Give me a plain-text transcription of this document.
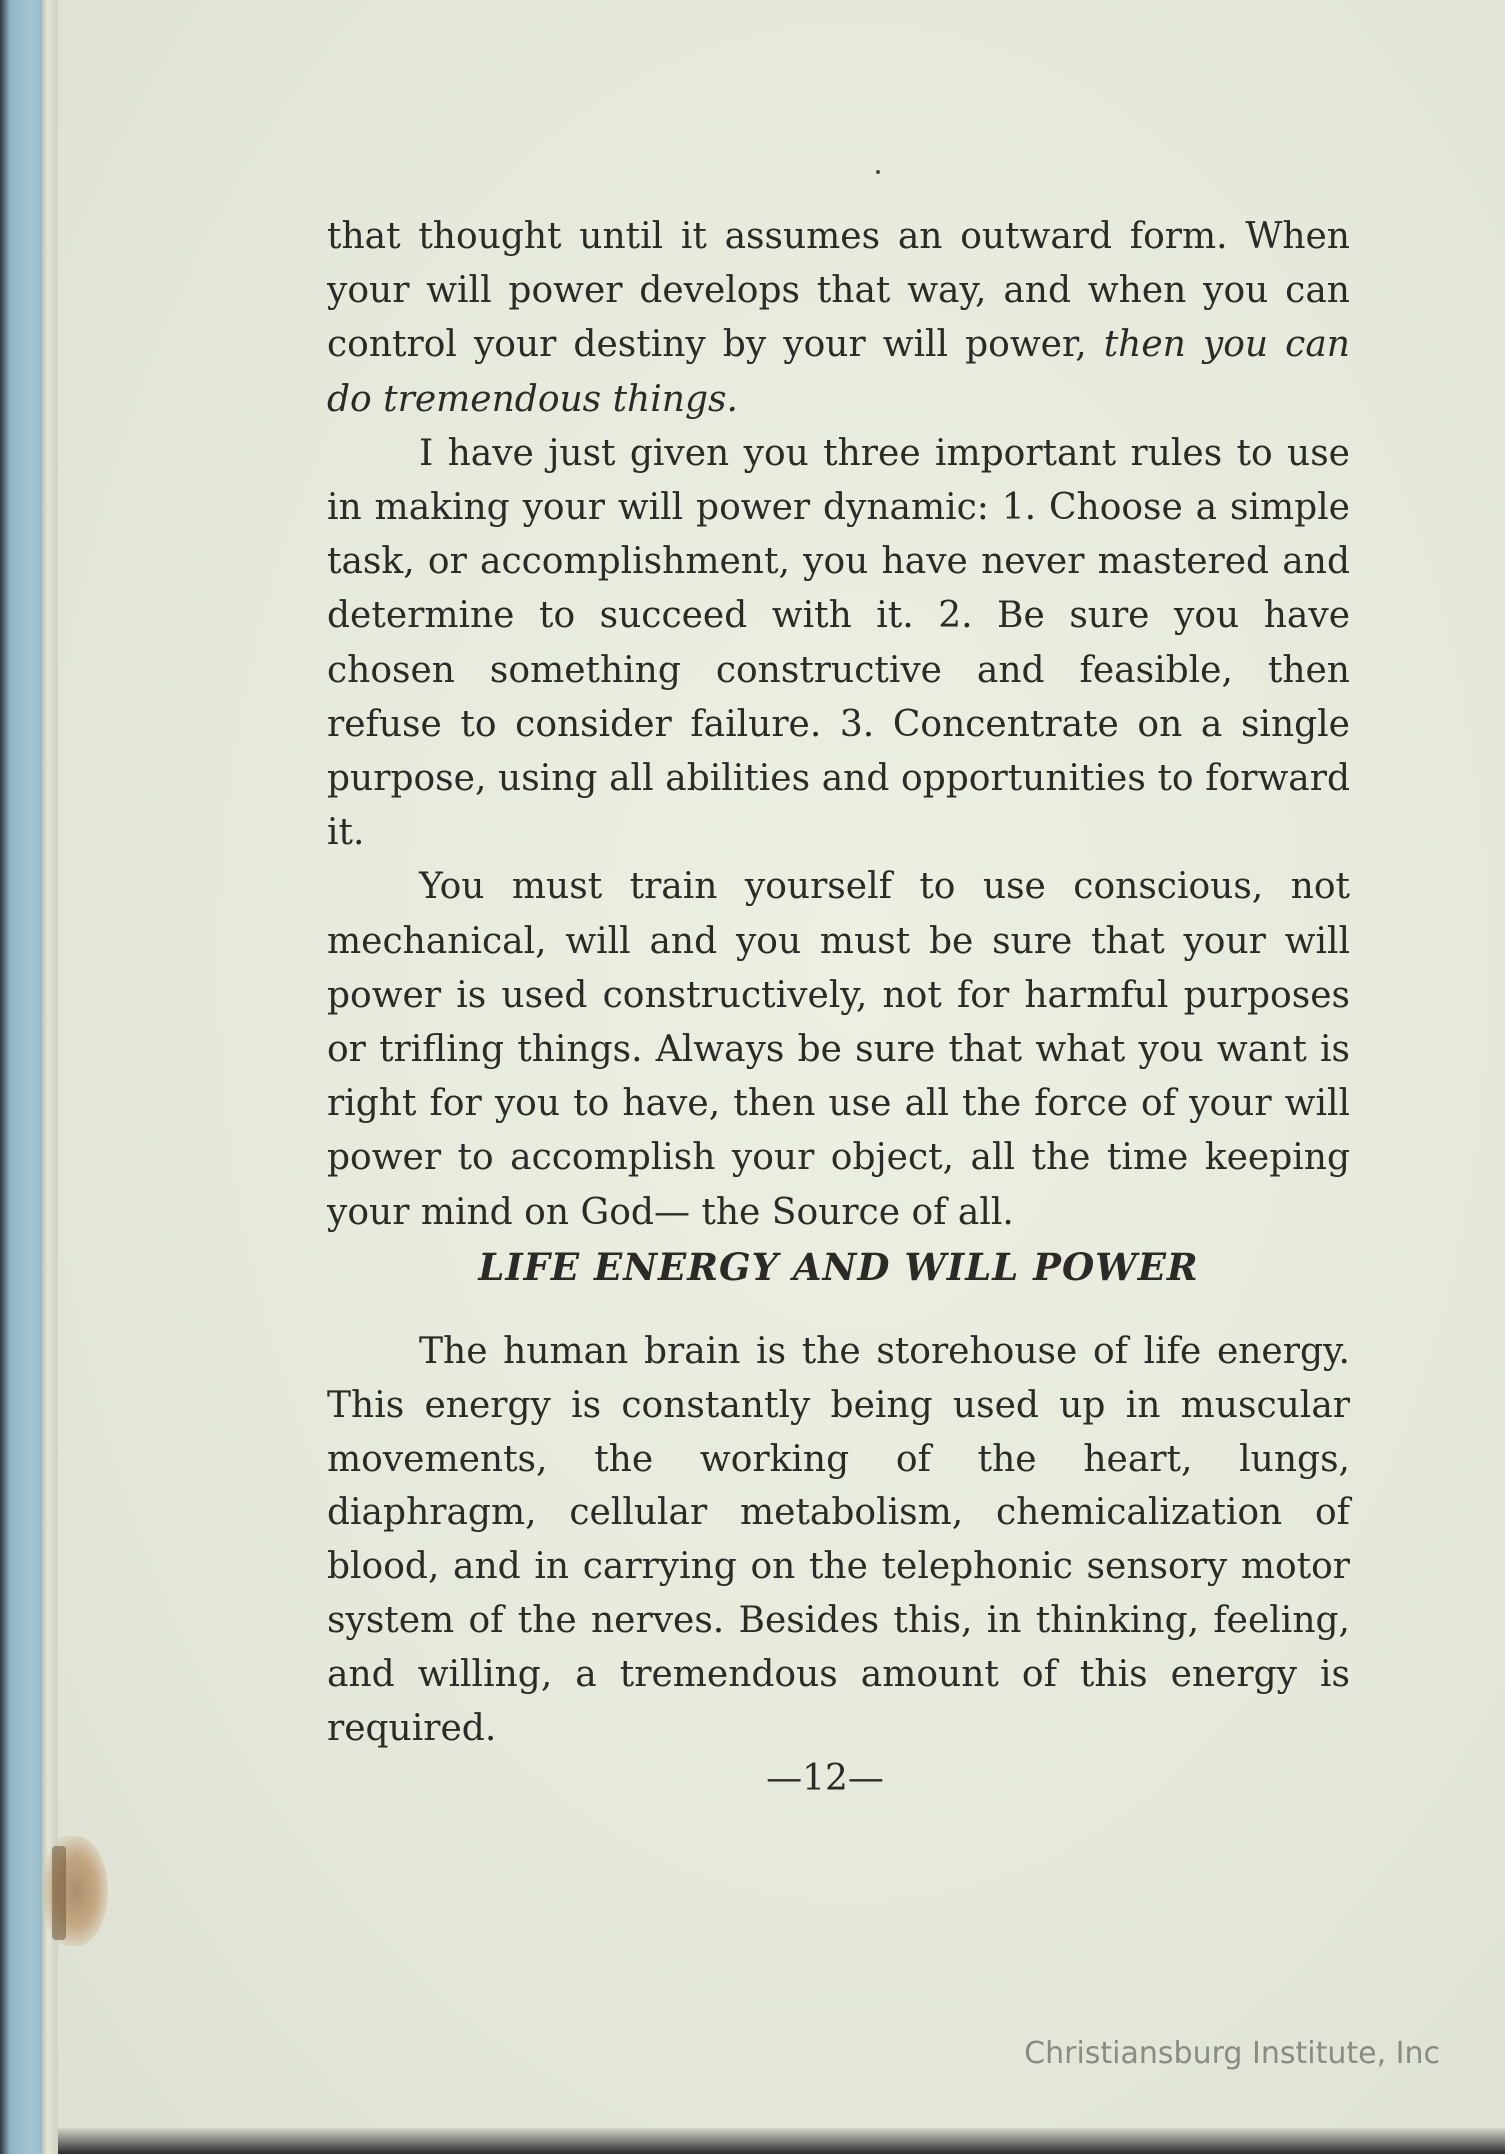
that thought until it assumes an outward form. When your will power develops that way, and when you can control your destiny by your will power, then you can do tremendous things.

I have just given you three important rules to use in making your will power dynamic: 1. Choose a simple task, or accomplishment, you have never mastered and determine to succeed with it. 2. Be sure you have chosen something constructive and feasible, then refuse to consider failure. 3. Concentrate on a single purpose, using all abilities and opportunities to forward it.

You must train yourself to use conscious, not mechanical, will and you must be sure that your will power is used constructively, not for harmful purposes or trifling things. Always be sure that what you want is right for you to have, then use all the force of your will power to accomplish your object, all the time keeping your mind on God— the Source of all.

LIFE ENERGY AND WILL POWER

The human brain is the storehouse of life energy. This energy is constantly being used up in muscular movements, the working of the heart, lungs, diaphragm, cellular metabolism, chemicalization of blood, and in carrying on the telephonic sensory motor system of the nerves. Besides this, in thinking, feeling, and willing, a tremendous amount of this energy is required.

—12—
Christiansburg Institute, Inc
